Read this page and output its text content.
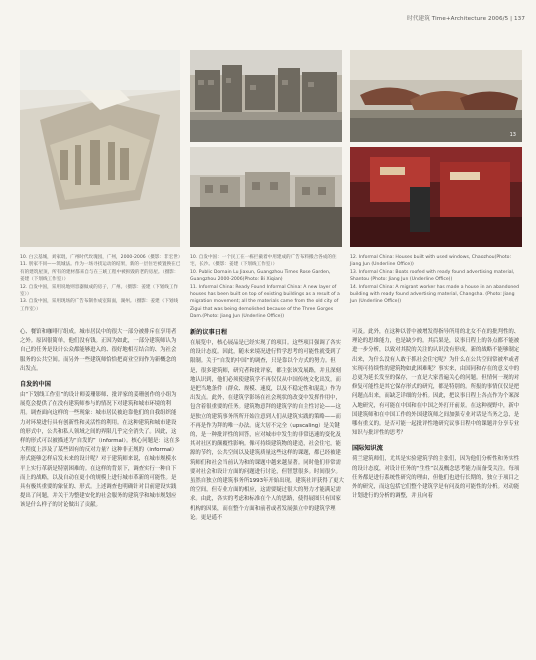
时代建筑 Time+Architecture 2006/5 | 137
13

10. 白云基城，刘家琨，广州时代玫瑰园，广州，2000-2006（摄影：非宏世）

11. 别家不同——筑城法。作为一场寻找运动的结果，新的一层住宅被置换在已有的建筑屋顶，所有的建材都来自与在三峡工程中被拆毁的老的房屋。（摄影：姜建（下划线工作室））

12. 自发中国，采用说地则容器做成的房子，广州。（摄影：姜建（下划线工作室））

13. 自发中国，采用现场的广告布制作成室阳面，湖州。（摄影：姜建（下划线工作室））

10. 自发中国：一个民工在一栋拦截着中用建成的广告布料搬合各成的住宅，长沙。（摄影：姜建（下划线工作室））

10. Public Domain Lu Jiaxun, Guangzhou Times Rose Garden, Guangzhou 2000-2006(Photo: Bi Xiqian)

11. Informal China: Ready Found Informal China: A new layer of houses has been built on top of existing buildings as a result of a migration movement; all the materials came from the old city of Zigui that was being demolished because of the Three Gorges Dam.(Photo: Jiang Jun (Underline Office))

12. Informal China: Houses built with used windows, Chaozhou(Photo: Jiang Jun (Underline Office))

13. Informal China: Boats roofed with ready found advertising material, Shantou (Photo: Jiang Jun (Underline Office))

14. Informal China: A migrant worker has made a house in an abandoned building with ready found advertising material, Changsha. (Photo: Jiang Jun (Underline Office))

心、餐馆和咖啡厅组成。城市居民中的很大一部分被排斥在享用者之外。原因很简单，他们没有钱。正因为如此，一部分建筑师认为自己的任务是设计公众都能够进入的、很好地相互结合的、为社会服务的公共空间。而另外一些建筑师恰恰把商业空间作为新概念的出发点。

自发的中国

由“下划线工作室”的设计师姜珊影师、批评家的姜珊创作的小组为展览会提供了在没有建筑师参与的情况下对建筑和城市环境的利用。调查面向这样的一些现象：城市居民被迫靠他们的自我组织能力对环境进行具有创新性和灵活性的利用。在这种建筑和城市建设的形式中，公共和私人领域之间的界限几乎完全消失了。因此，这样的形式可以被描述为“自发的”（informal）。核心问题是：这在多大程度上涉及了某些固有的反对力量？这种非正规的（informal）形式能够怎样启发未来的设计呢？对于建筑师来说，在城市规模水平上实行革新是特别困难的。在这样的背景下，调查实行一种自下而上的战略，以及自动在更小的规模上进行城市革新的可能性。是具有极其重要的象征的、形式。上述调查也明确针对目前建设实践提出了问题，并关于为整建安化的社会服务的建筑学和城市规划应该是什么样子的讨论做出了贡献。

新的议事日程

在展览中，核心展品是已经实现了的项目。这些项目强调了各实的设计态度。因此，随未来境况进行哲学思考的可能性就受到了限制。关于“自发的中国”的调查，只是靠以个方式的努力。但是，很多建筑师，研究者和批评家，都主张该发展路，并且深刻地认识到，他们必须使建筑学不再仅仅从中国传统文化出发，而是把当地条件（群众、规模、速度，以及不稳定性和混乱）作为出发点。此外，在建筑学影场在社会现状的改变中发挥作用中，包含着很重要的任务。建筑物意拜的建筑学的自主性讨论——这是独立的建筑事务所所开始注意到人们从建筑实践的策略——而不再是作为拜的唯一办法。庞大居不完全（upscaling）是关键的，是一种批评性的回答，应对城市中发生的非常迅速的变化及其对社区的颠覆性影响。像可持续建筑物的建造，社会住宅，能源的节约，公共空间以及建筑质量这些这样的课题，都已经被建筑师们和社会当前认为和的课题中越来越显著。同时他们非常需要对社会和设计方面的问题进行讨论，但智慧很多。时间很少。虽然自独立的建筑事务所1993年开始出现，建筑社评获得了更大的空间，但专业方面的相应，这需要疑过很大的努力才能满足需求。由此，各实的考虑和标准在个人的思路，使得展图只有国家机构的因果，而在整个方面和前者或者发展强立中的建筑学理论。更是遥不

可及。此外，在这种以普中被增发得指导所用的北女不在的批判性的、理论的思维能力，也是缺少的。其后果是，议事日程上的各点都不能被进一步分析，以致对其院的关注的认识没有形成。新的战略不能够制定出来，为什么没有人敢于抓社会住宅呢？为什么在公共空间常被牟或者实现可持续性的建筑物如此困难呢？事实来，由国同和存在的意义中的总更为延长发至的保存，一直是大家普遍关心的问题。但情何一现的对修复可能性是其它保存形式的研究，都是特别的。所报的事情仅仅是把问题点出来，而缺乏详细的分析。因此，把议事日程上各点作为个案深入地研究，有可能在中国和在中国之外打开前景。在这种视野中，新中国建筑师和在中国工作的外国建筑师之间加强专业对话是当务之急，是哪有重义的。是否可能一起批评性地研究议事日程中的课题并分享专业知识与批评性的思考？

国际知识流

荷兰建筑师们，尤其是实验建筑学的主张们，因为他们分析性和务实性的设计态度，对设计任务的“生性”以及概念思考能力而备受关注。每项任务都是进行系统性研究的理由，但他们也进行长期的，独立于项目之外的研究，而这包括它们整个建筑学是有问及的可能性的分析。对动能计划进行的分析的调整，并且向着
